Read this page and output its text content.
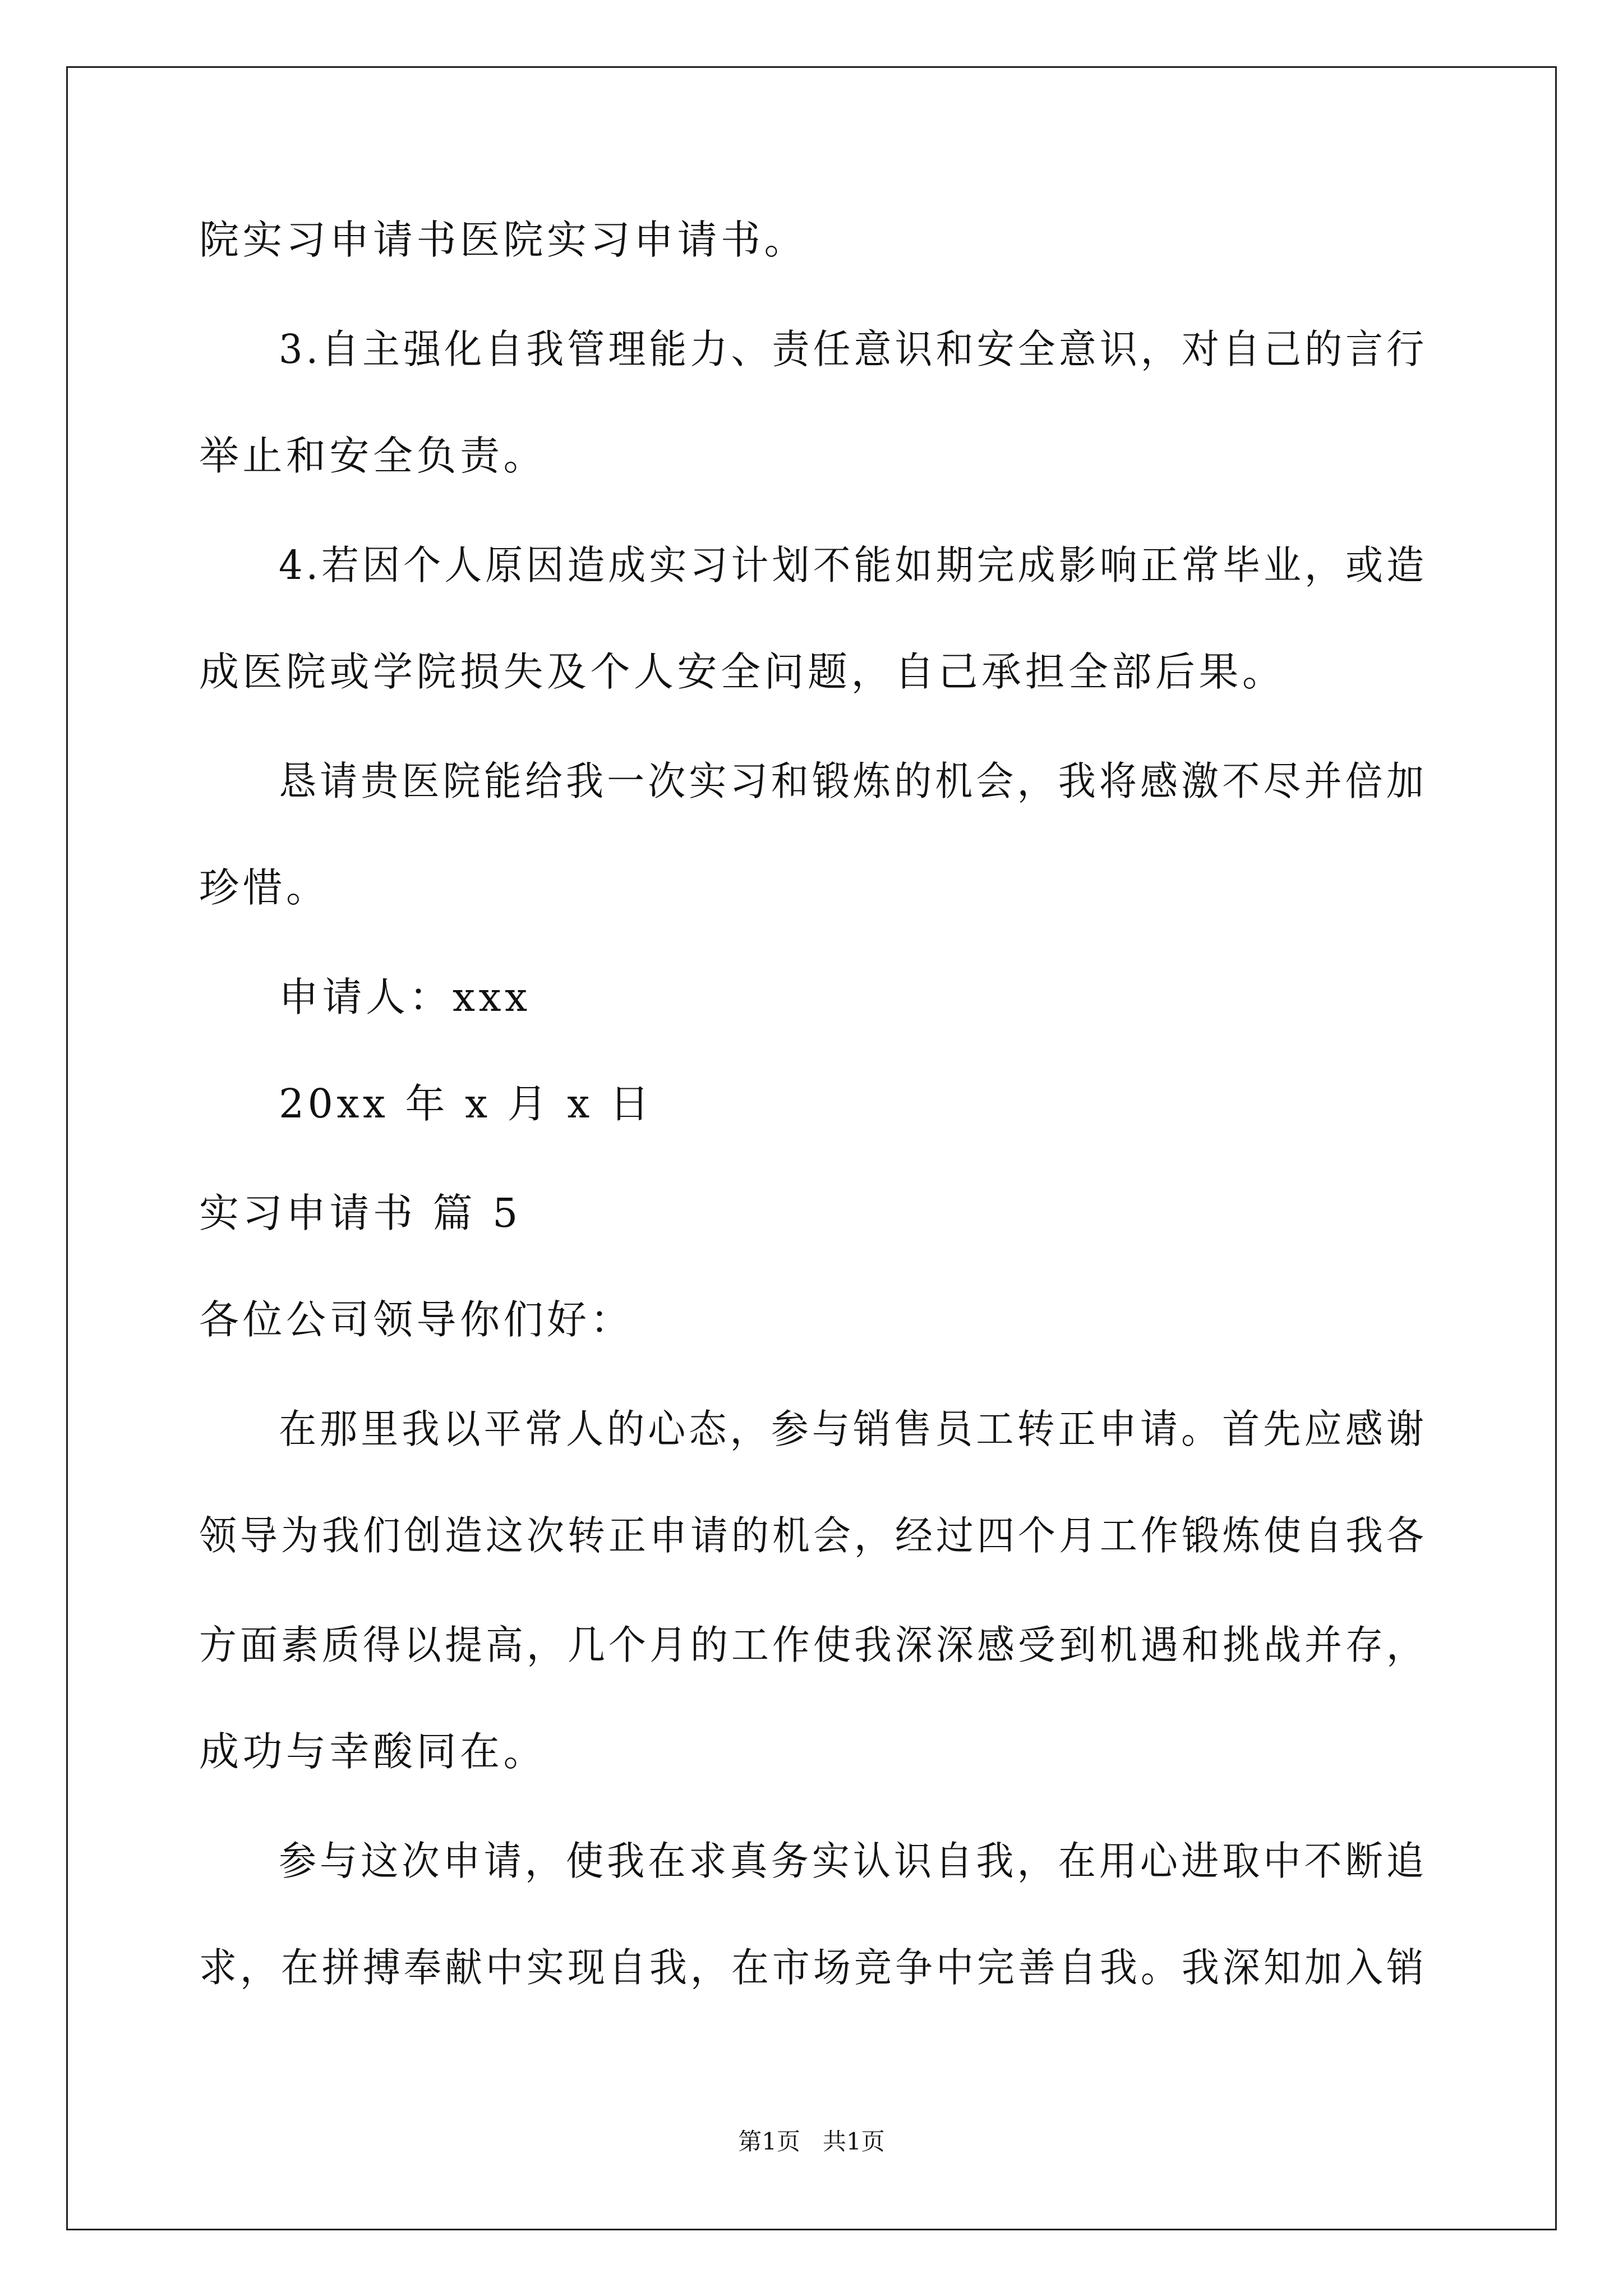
院实习申请书医院实习申请书。
3.自主强化自我管理能力、责任意识和安全意识，对自己的言行
举止和安全负责。
4.若因个人原因造成实习计划不能如期完成影响正常毕业，或造
成医院或学院损失及个人安全问题，自己承担全部后果。
恳请贵医院能给我一次实习和锻炼的机会，我将感激不尽并倍加
珍惜。
申请人：xxx
20xx 年 x 月 x 日
实习申请书 篇 5
各位公司领导你们好：
在那里我以平常人的心态，参与销售员工转正申请。首先应感谢
领导为我们创造这次转正申请的机会，经过四个月工作锻炼使自我各
方面素质得以提高，几个月的工作使我深深感受到机遇和挑战并存，
成功与幸酸同在。
参与这次申请，使我在求真务实认识自我，在用心进取中不断追
求，在拼搏奉献中实现自我，在市场竞争中完善自我。我深知加入销
第1页   共1页
